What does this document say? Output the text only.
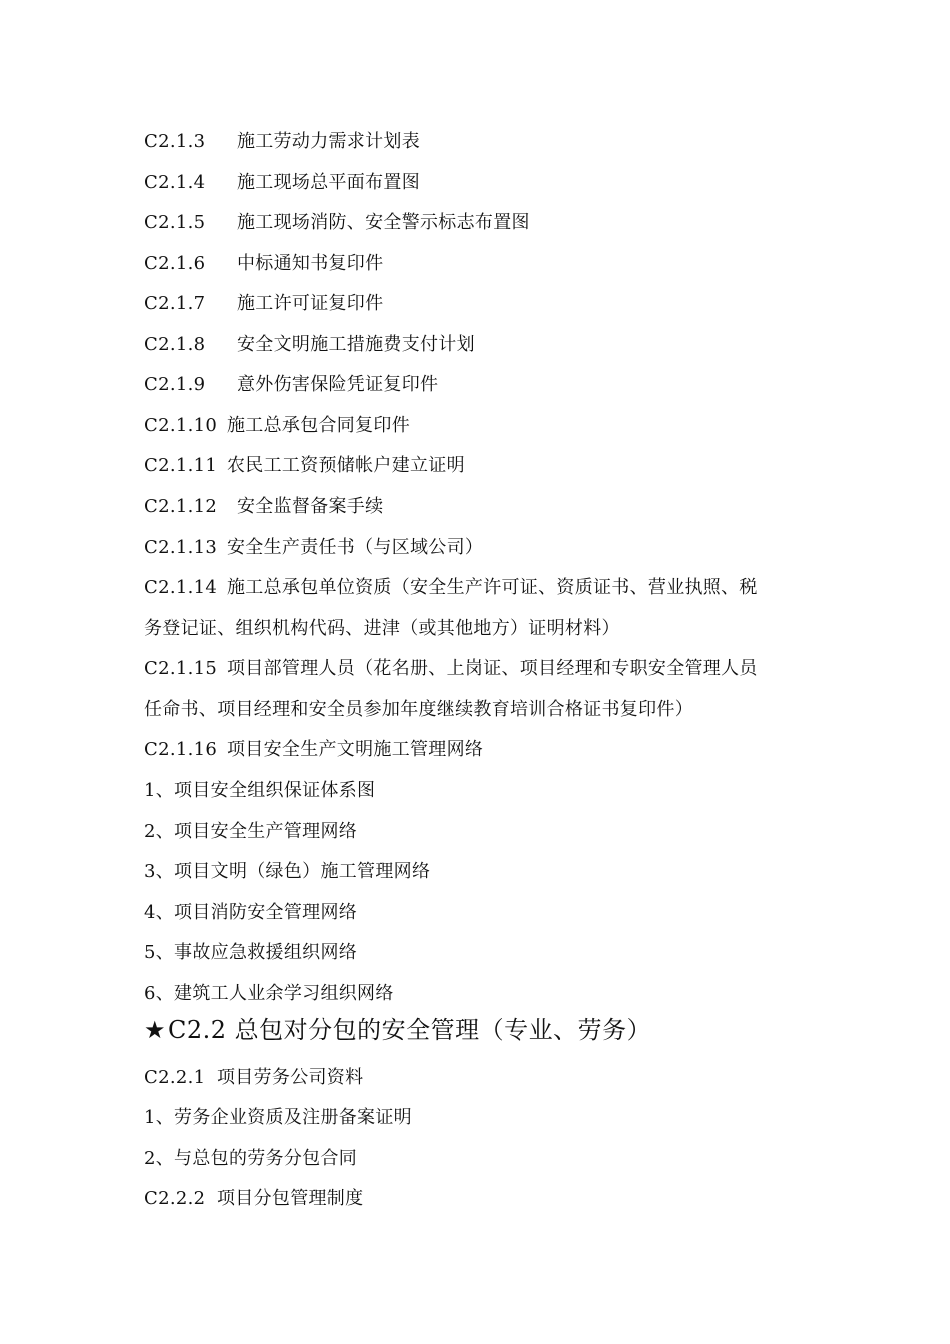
C2.1.3 施工劳动力需求计划表
C2.1.4 施工现场总平面布置图
C2.1.5 施工现场消防、安全警示标志布置图
C2.1.6 中标通知书复印件
C2.1.7 施工许可证复印件
C2.1.8 安全文明施工措施费支付计划
C2.1.9 意外伤害保险凭证复印件
C2.1.10 施工总承包合同复印件
C2.1.11 农民工工资预储帐户建立证明
C2.1.12 安全监督备案手续
C2.1.13 安全生产责任书（与区域公司）
C2.1.14 施工总承包单位资质（安全生产许可证、资质证书、营业执照、税
务登记证、组织机构代码、进津（或其他地方）证明材料）
C2.1.15 项目部管理人员（花名册、上岗证、项目经理和专职安全管理人员
任命书、项目经理和安全员参加年度继续教育培训合格证书复印件）
C2.1.16 项目安全生产文明施工管理网络
1、项目安全组织保证体系图
2、项目安全生产管理网络
3、项目文明（绿色）施工管理网络
4、项目消防安全管理网络
5、事故应急救援组织网络
6、建筑工人业余学习组织网络
★C2.2 总包对分包的安全管理（专业、劳务）
C2.2.1 项目劳务公司资料
1、劳务企业资质及注册备案证明
2、与总包的劳务分包合同
C2.2.2 项目分包管理制度
